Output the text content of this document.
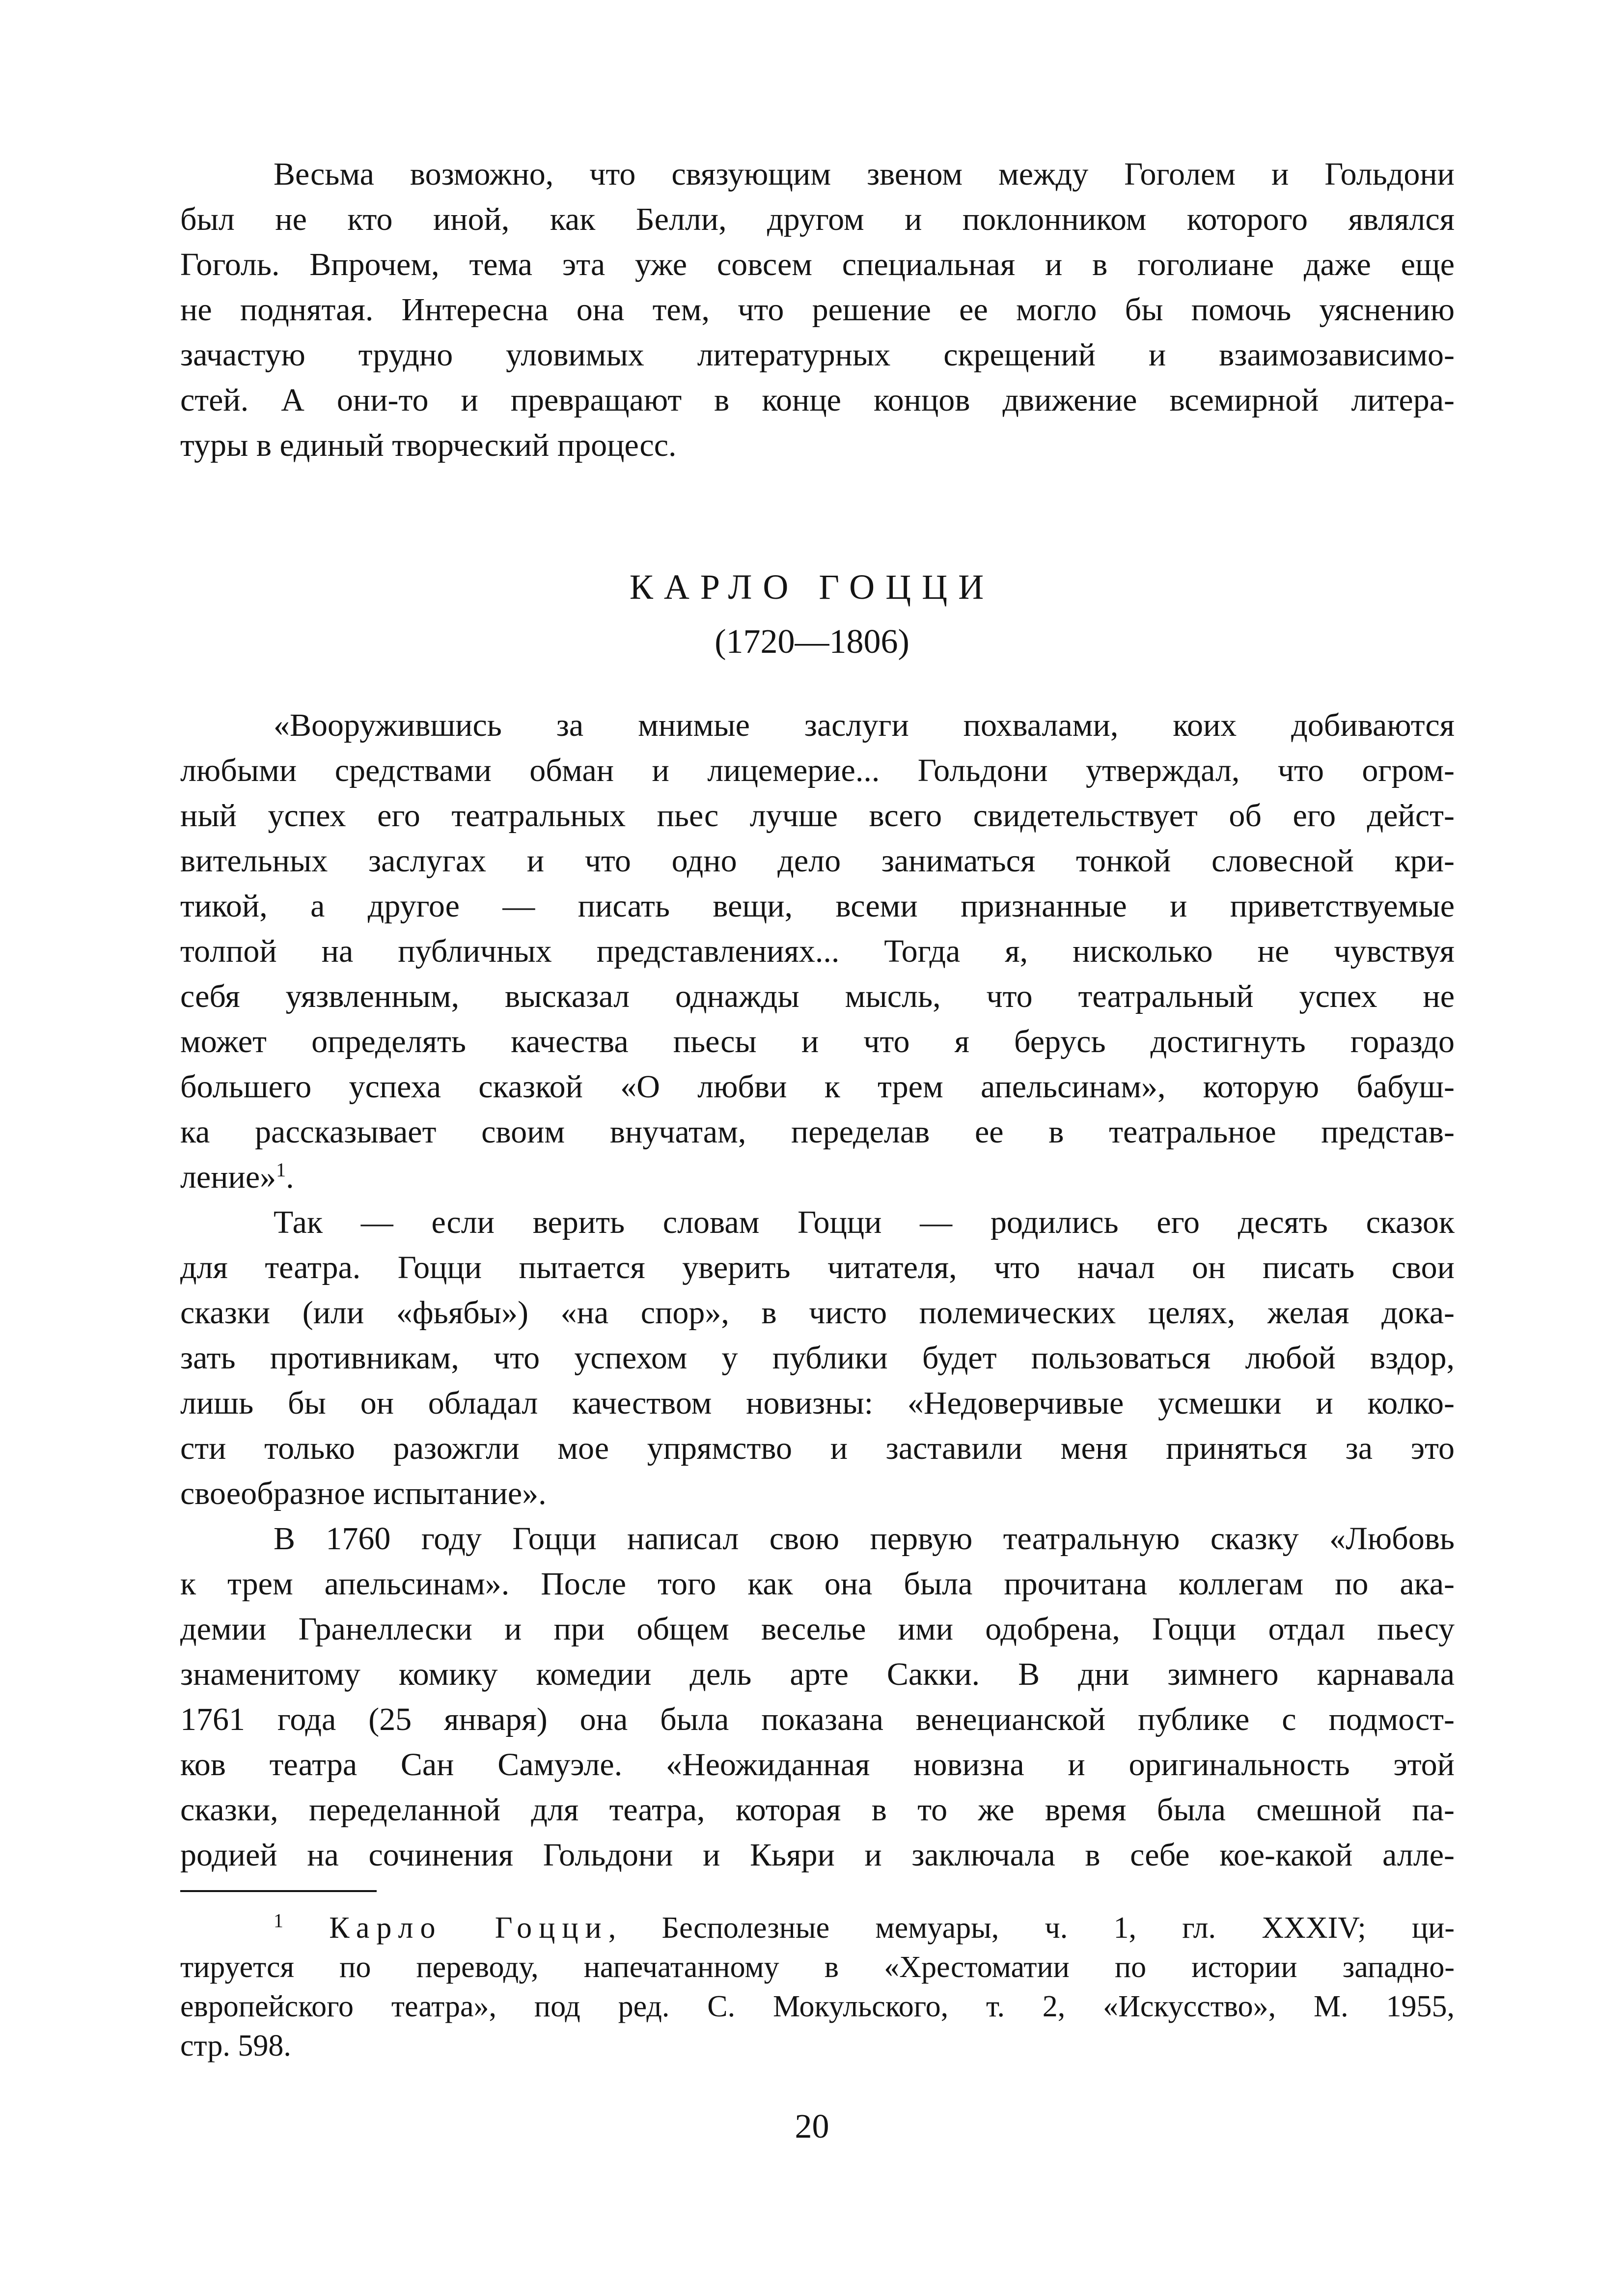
Весьма возможно, что связующим звеном между Гоголем и Гольдони
был не кто иной, как Белли, другом и поклонником которого являлся
Гоголь. Впрочем, тема эта уже совсем специальная и в гоголиане даже еще
не поднятая. Интересна она тем, что решение ее могло бы помочь уяснению
зачастую трудно уловимых литературных скрещений и взаимозависимо-
стей. А они-то и превращают в конце концов движение всемирной литера-
туры в единый творческий процесс.
КАРЛО ГОЦЦИ
(1720—1806)
«Вооружившись за мнимые заслуги похвалами, коих добиваются
любыми средствами обман и лицемерие... Гольдони утверждал, что огром-
ный успех его театральных пьес лучше всего свидетельствует об его дейст-
вительных заслугах и что одно дело заниматься тонкой словесной кри-
тикой, а другое — писать вещи, всеми признанные и приветствуемые
толпой на публичных представлениях... Тогда я, нисколько не чувствуя
себя уязвленным, высказал однажды мысль, что театральный успех не
может определять качества пьесы и что я берусь достигнуть гораздо
большего успеха сказкой «О любви к трем апельсинам», которую бабуш-
ка рассказывает своим внучатам, переделав ее в театральное представ-
ление»$^1$.
Так — если верить словам Гоцци — родились его десять сказок
для театра. Гоцци пытается уверить читателя, что начал он писать свои
сказки (или «фьябы») «на спор», в чисто полемических целях, желая дока-
зать противникам, что успехом у публики будет пользоваться любой вздор,
лишь бы он обладал качеством новизны: «Недоверчивые усмешки и колко-
сти только разожгли мое упрямство и заставили меня приняться за это
своеобразное испытание».
В 1760 году Гоцци написал свою первую театральную сказку «Любовь
к трем апельсинам». После того как она была прочитана коллегам по ака-
демии Гранеллески и при общем веселье ими одобрена, Гоцци отдал пьесу
знаменитому комику комедии дель арте Сакки. В дни зимнего карнавала
1761 года (25 января) она была показана венецианской публике с подмост-
ков театра Сан Самуэле. «Неожиданная новизна и оригинальность этой
сказки, переделанной для театра, которая в то же время была смешной па-
родией на сочинения Гольдони и Кьяри и заключала в себе кое-какой алле-
$^1$ Карло Гоцци, Бесполезные мемуары, ч. 1, гл. XXXIV; ци-
тируется по переводу, напечатанному в «Хрестоматии по истории западно-
европейского театра», под ред. С. Мокульского, т. 2, «Искусство», М. 1955,
стр. 598.
20
